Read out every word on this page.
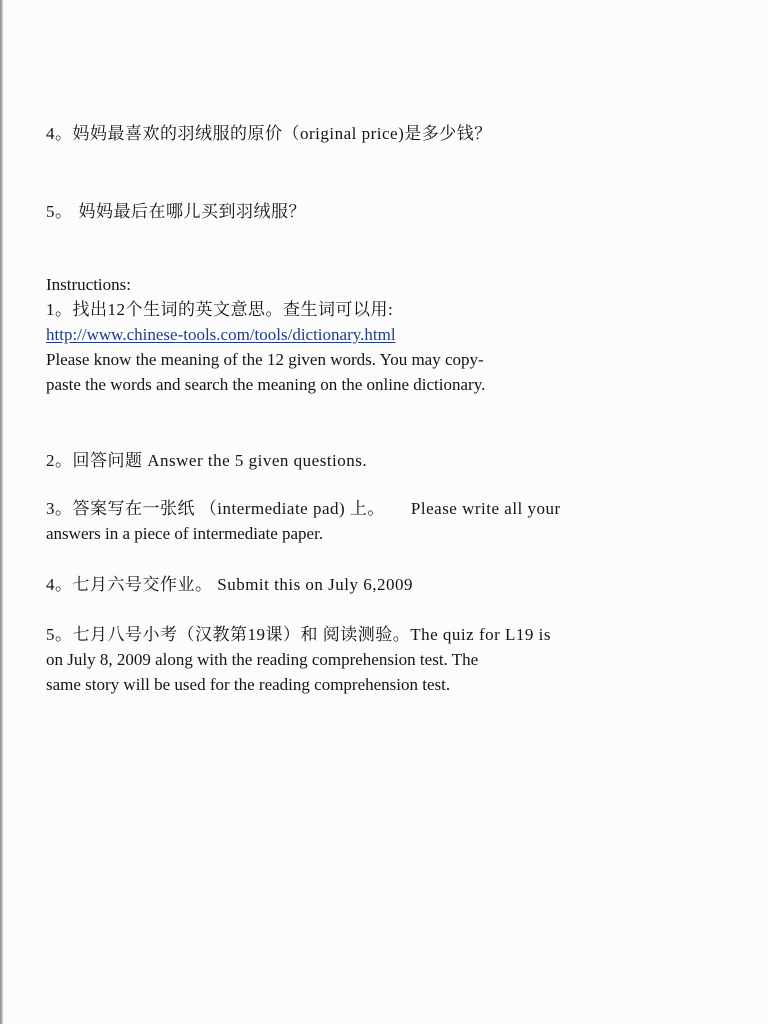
4。妈妈最喜欢的羽绒服的原价（original price)是多少钱？

5。 妈妈最后在哪儿买到羽绒服？

Instructions:
1。找出12个生词的英文意思。查生词可以用:
http://www.chinese-tools.com/tools/dictionary.html
Please know the meaning of the 12 given words. You may copy-
paste the words and search the meaning on the online dictionary.

2。回答问题 Answer the 5 given questions.

3。答案写在一张纸 （intermediate pad) 上。 Please write all your
answers in a piece of intermediate paper.

4。七月六号交作业。 Submit this on July 6,2009

5。七月八号小考（汉教第19课）和 阅读测验。The quiz for L19 is
on July 8, 2009 along with the reading comprehension test. The
same story will be used for the reading comprehension test.
